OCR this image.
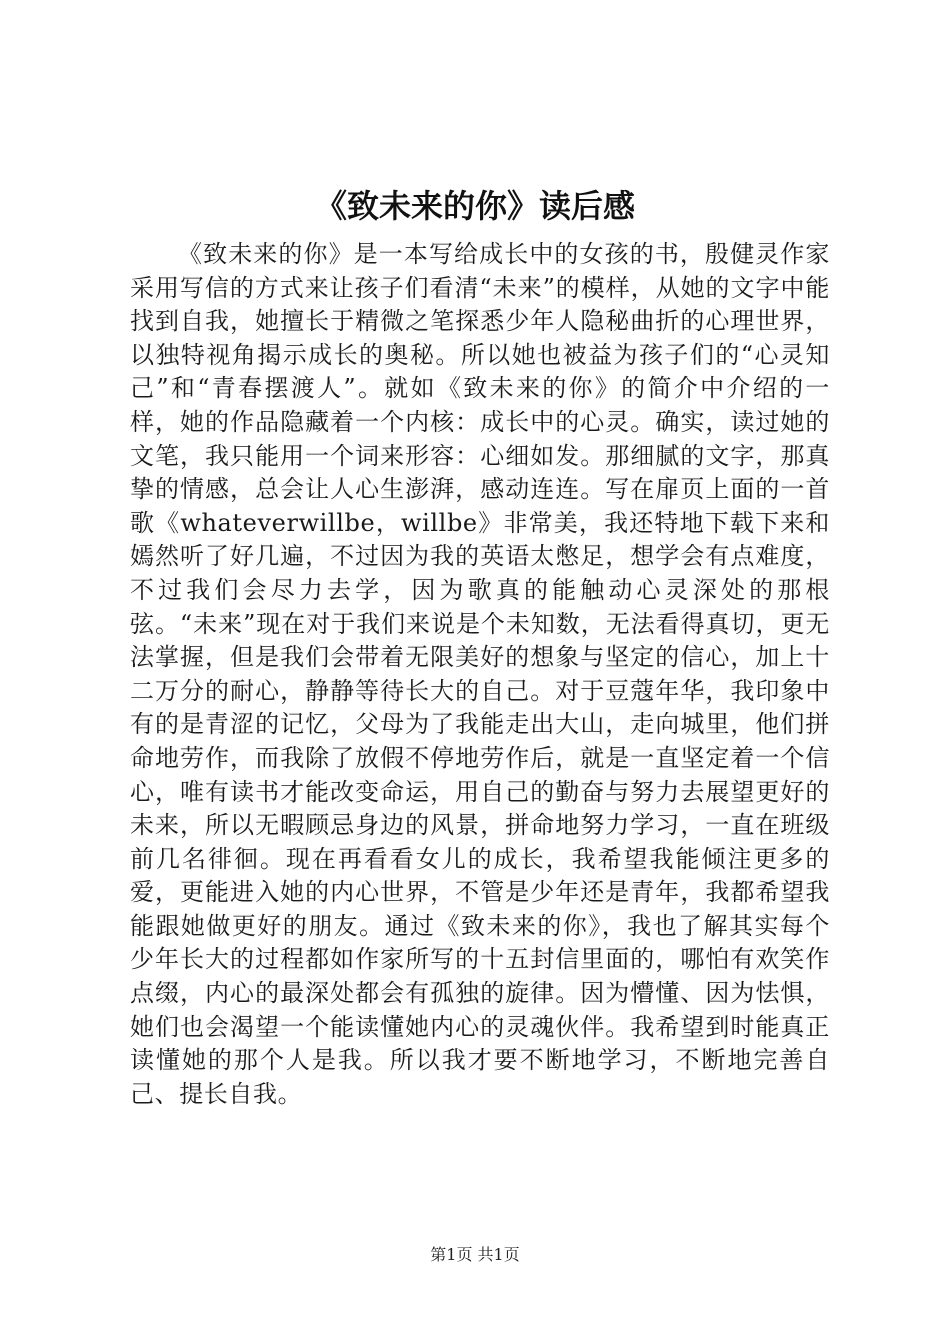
《致未来的你》读后感

《致未来的你》是一本写给成长中的女孩的书，殷健灵作家采用写信的方式来让孩子们看清“未来”的模样，从她的文字中能找到自我，她擅长于精微之笔探悉少年人隐秘曲折的心理世界，以独特视角揭示成长的奥秘。所以她也被益为孩子们的“心灵知己”和“青春摆渡人”。就如《致未来的你》的简介中介绍的一样，她的作品隐藏着一个内核：成长中的心灵。确实，读过她的文笔，我只能用一个词来形容：心细如发。那细腻的文字，那真挚的情感，总会让人心生澎湃，感动连连。写在扉页上面的一首歌《whateverwillbe，willbe》非常美，我还特地下载下来和嫣然听了好几遍，不过因为我的英语太憋足，想学会有点难度，不过我们会尽力去学，因为歌真的能触动心灵深处的那根弦。“未来”现在对于我们来说是个未知数，无法看得真切，更无法掌握，但是我们会带着无限美好的想象与坚定的信心，加上十二万分的耐心，静静等待长大的自己。对于豆蔻年华，我印象中有的是青涩的记忆，父母为了我能走出大山，走向城里，他们拼命地劳作，而我除了放假不停地劳作后，就是一直坚定着一个信心，唯有读书才能改变命运，用自己的勤奋与努力去展望更好的未来，所以无暇顾忌身边的风景，拼命地努力学习，一直在班级前几名徘徊。现在再看看女儿的成长，我希望我能倾注更多的爱，更能进入她的内心世界，不管是少年还是青年，我都希望我能跟她做更好的朋友。通过《致未来的你》，我也了解其实每个少年长大的过程都如作家所写的十五封信里面的，哪怕有欢笑作点缀，内心的最深处都会有孤独的旋律。因为懵懂、因为怯惧，她们也会渴望一个能读懂她内心的灵魂伙伴。我希望到时能真正读懂她的那个人是我。所以我才要不断地学习，不断地完善自己、提长自我。

第1页 共1页
